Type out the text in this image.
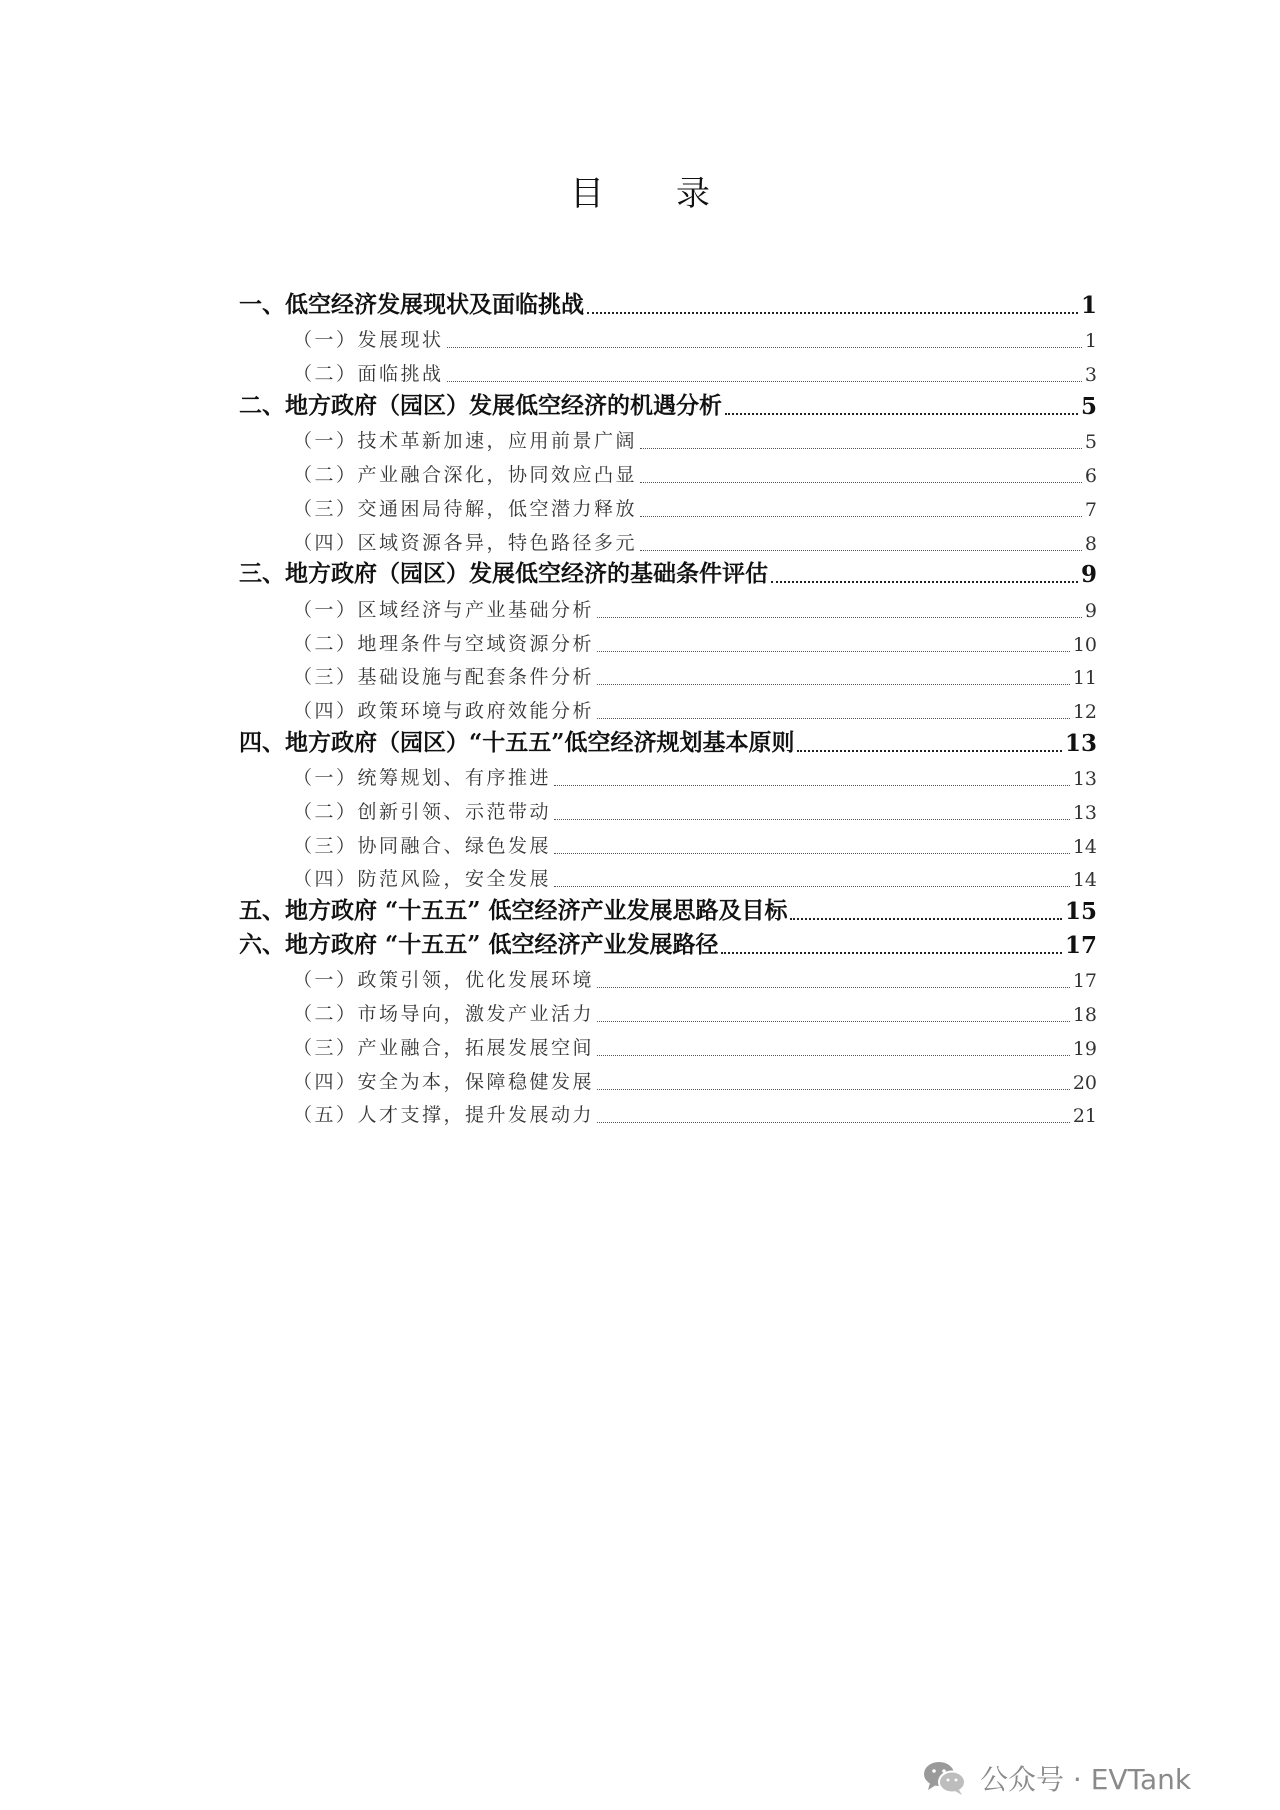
目 录
一、低空经济发展现状及面临挑战	1
（一）发展现状	1
（二）面临挑战	3
二、地方政府（园区）发展低空经济的机遇分析	5
（一）技术革新加速，应用前景广阔	5
（二）产业融合深化，协同效应凸显	6
（三）交通困局待解，低空潜力释放	7
（四）区域资源各异，特色路径多元	8
三、地方政府（园区）发展低空经济的基础条件评估	9
（一）区域经济与产业基础分析	9
（二）地理条件与空域资源分析	10
（三）基础设施与配套条件分析	11
（四）政策环境与政府效能分析	12
四、地方政府（园区）“十五五”低空经济规划基本原则	13
（一）统筹规划、有序推进	13
（二）创新引领、示范带动	13
（三）协同融合、绿色发展	14
（四）防范风险，安全发展	14
五、地方政府 “十五五” 低空经济产业发展思路及目标	15
六、地方政府 “十五五” 低空经济产业发展路径	17
（一）政策引领，优化发展环境	17
（二）市场导向，激发产业活力	18
（三）产业融合，拓展发展空间	19
（四）安全为本，保障稳健发展	20
（五）人才支撑，提升发展动力	21
公众号 · EVTank
